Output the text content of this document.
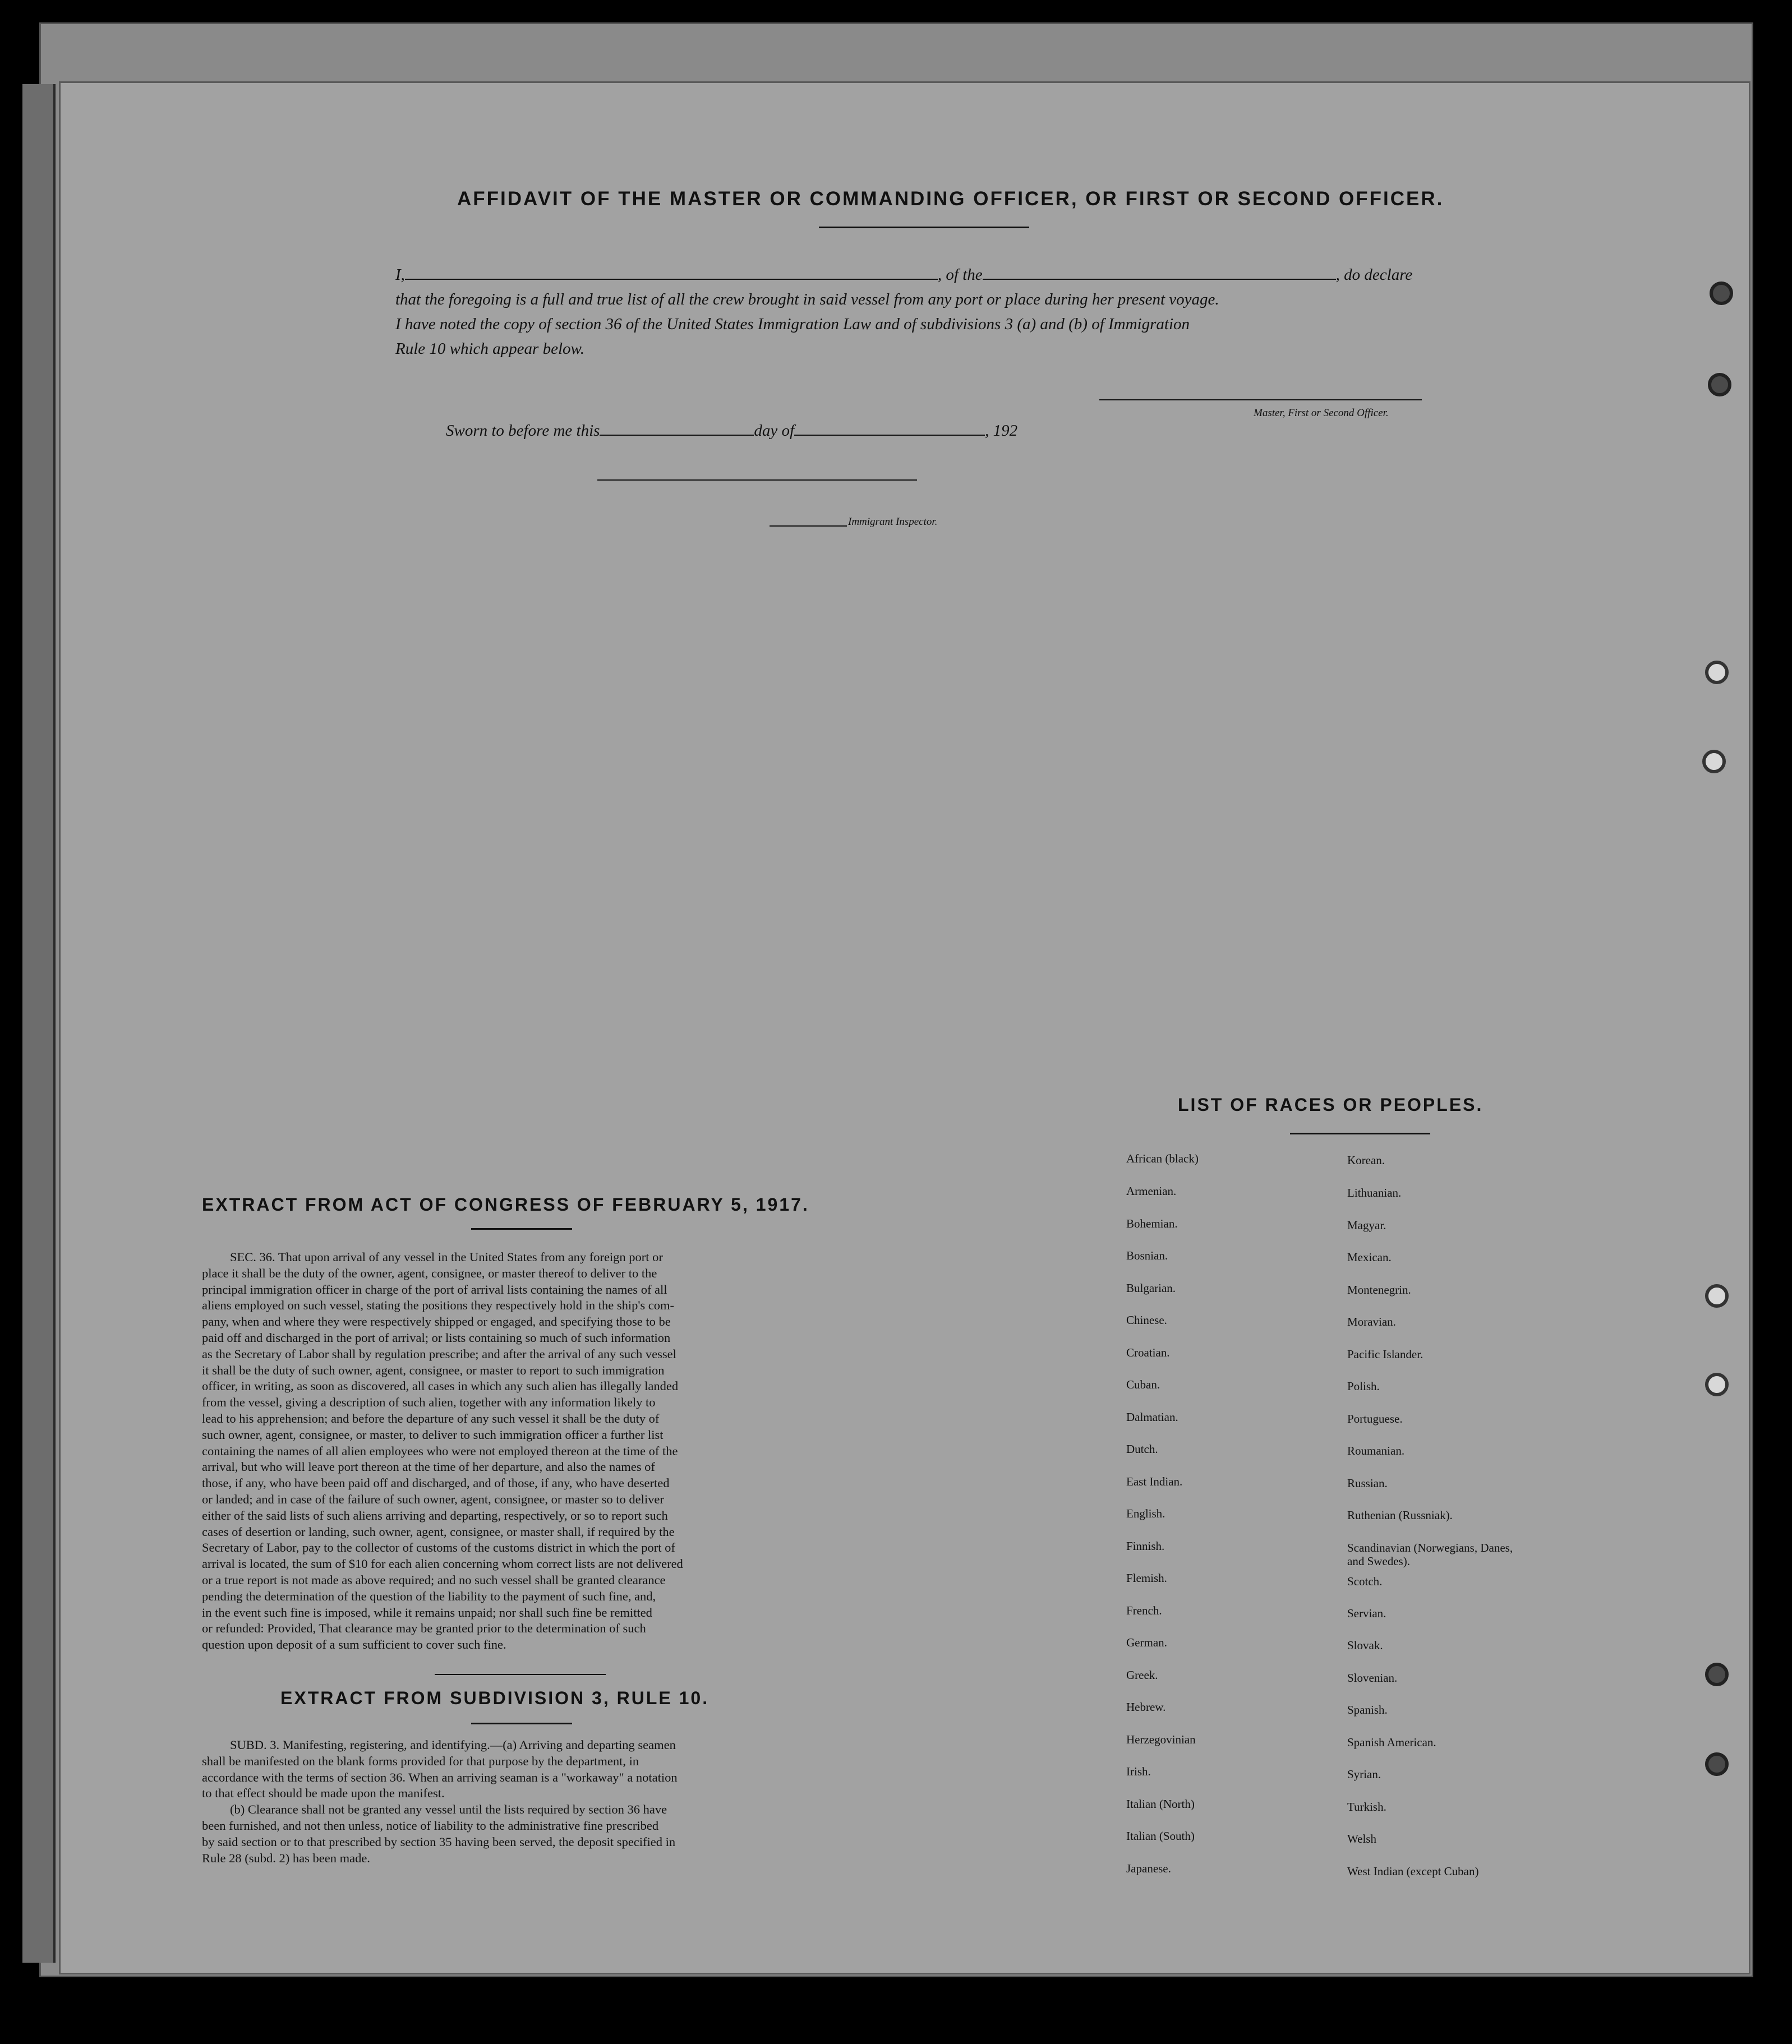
AFFIDAVIT OF THE MASTER OR COMMANDING OFFICER, OR FIRST OR SECOND OFFICER.
I,	, of the	, do declare
that the foregoing is a full and true list of all the crew brought in said vessel from any port or place during her present voyage.
I have noted the copy of section 36 of the United States Immigration Law and of subdivisions 3 (a) and (b) of Immigration
Rule 10 which appear below.
Master, First or Second Officer.
Sworn to before me this	day of	, 192
Immigrant Inspector.
EXTRACT FROM ACT OF CONGRESS OF FEBRUARY 5, 1917.
SEC. 36. That upon arrival of any vessel in the United States from any foreign port or
place it shall be the duty of the owner, agent, consignee, or master thereof to deliver to the
principal immigration officer in charge of the port of arrival lists containing the names of all
aliens employed on such vessel, stating the positions they respectively hold in the ship's com-
pany, when and where they were respectively shipped or engaged, and specifying those to be
paid off and discharged in the port of arrival; or lists containing so much of such information
as the Secretary of Labor shall by regulation prescribe; and after the arrival of any such vessel
it shall be the duty of such owner, agent, consignee, or master to report to such immigration
officer, in writing, as soon as discovered, all cases in which any such alien has illegally landed
from the vessel, giving a description of such alien, together with any information likely to
lead to his apprehension; and before the departure of any such vessel it shall be the duty of
such owner, agent, consignee, or master, to deliver to such immigration officer a further list
containing the names of all alien employees who were not employed thereon at the time of the
arrival, but who will leave port thereon at the time of her departure, and also the names of
those, if any, who have been paid off and discharged, and of those, if any, who have deserted
or landed; and in case of the failure of such owner, agent, consignee, or master so to deliver
either of the said lists of such aliens arriving and departing, respectively, or so to report such
cases of desertion or landing, such owner, agent, consignee, or master shall, if required by the
Secretary of Labor, pay to the collector of customs of the customs district in which the port of
arrival is located, the sum of $10 for each alien concerning whom correct lists are not delivered
or a true report is not made as above required; and no such vessel shall be granted clearance
pending the determination of the question of the liability to the payment of such fine, and,
in the event such fine is imposed, while it remains unpaid; nor shall such fine be remitted
or refunded: Provided, That clearance may be granted prior to the determination of such
question upon deposit of a sum sufficient to cover such fine.
EXTRACT FROM SUBDIVISION 3, RULE 10.
SUBD. 3. Manifesting, registering, and identifying.—(a) Arriving and departing seamen
shall be manifested on the blank forms provided for that purpose by the department, in
accordance with the terms of section 36. When an arriving seaman is a "workaway" a notation
to that effect should be made upon the manifest.
(b) Clearance shall not be granted any vessel until the lists required by section 36 have
been furnished, and not then unless, notice of liability to the administrative fine prescribed
by said section or to that prescribed by section 35 having been served, the deposit specified in
Rule 28 (subd. 2) has been made.
LIST OF RACES OR PEOPLES.
African (black)
Armenian.
Bohemian.
Bosnian.
Bulgarian.
Chinese.
Croatian.
Cuban.
Dalmatian.
Dutch.
East Indian.
English.
Finnish.
Flemish.
French.
German.
Greek.
Hebrew.
Herzegovinian
Irish.
Italian (North)
Italian (South)
Japanese.
Korean.
Lithuanian.
Magyar.
Mexican.
Montenegrin.
Moravian.
Pacific Islander.
Polish.
Portuguese.
Roumanian.
Russian.
Ruthenian (Russniak).
Scandinavian (Norwegians, Danes, and Swedes).
Scotch.
Servian.
Slovak.
Slovenian.
Spanish.
Spanish American.
Syrian.
Turkish.
Welsh
West Indian (except Cuban)
